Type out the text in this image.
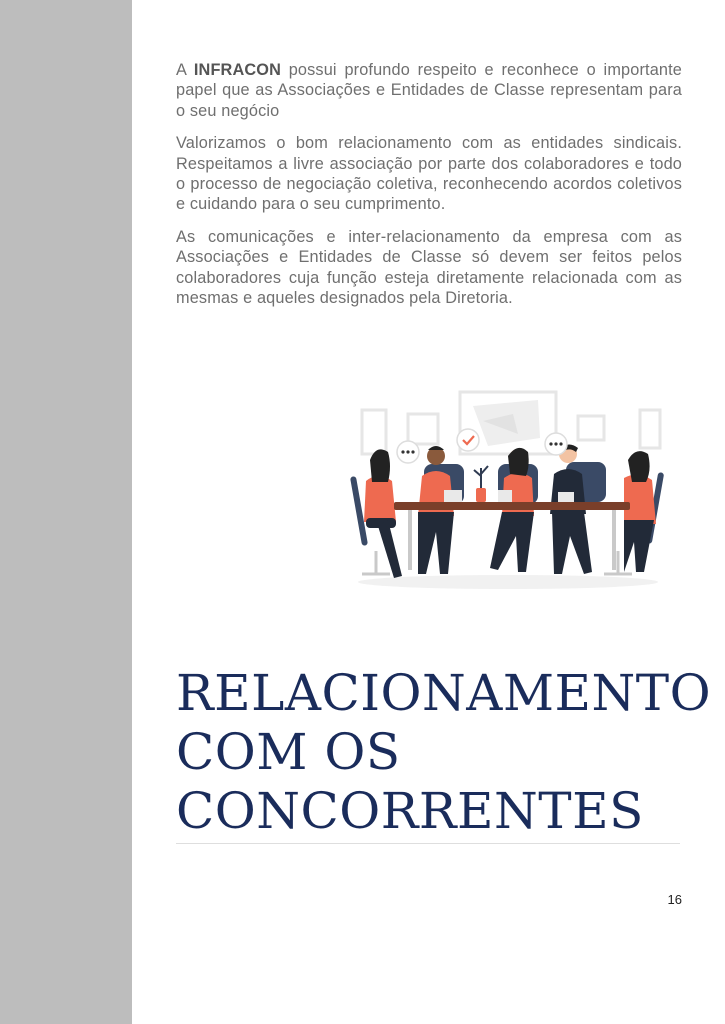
A INFRACON possui profundo respeito e reconhece o importante papel que as Associações e Entidades de Classe representam para o seu negócio

Valorizamos o bom relacionamento com as entidades sindicais. Respeitamos a livre associação por parte dos colaboradores e todo o processo de negociação coletiva, reconhecendo acordos coletivos e cuidando para o seu cumprimento.

As comunicações e inter-relacionamento da empresa com as Associações e Entidades de Classe só devem ser feitos pelos colaboradores cuja função esteja diretamente relacionada com as mesmas e aqueles designados pela Diretoria.

RELACIONAMENTO
COM OS
CONCORRENTES
16
